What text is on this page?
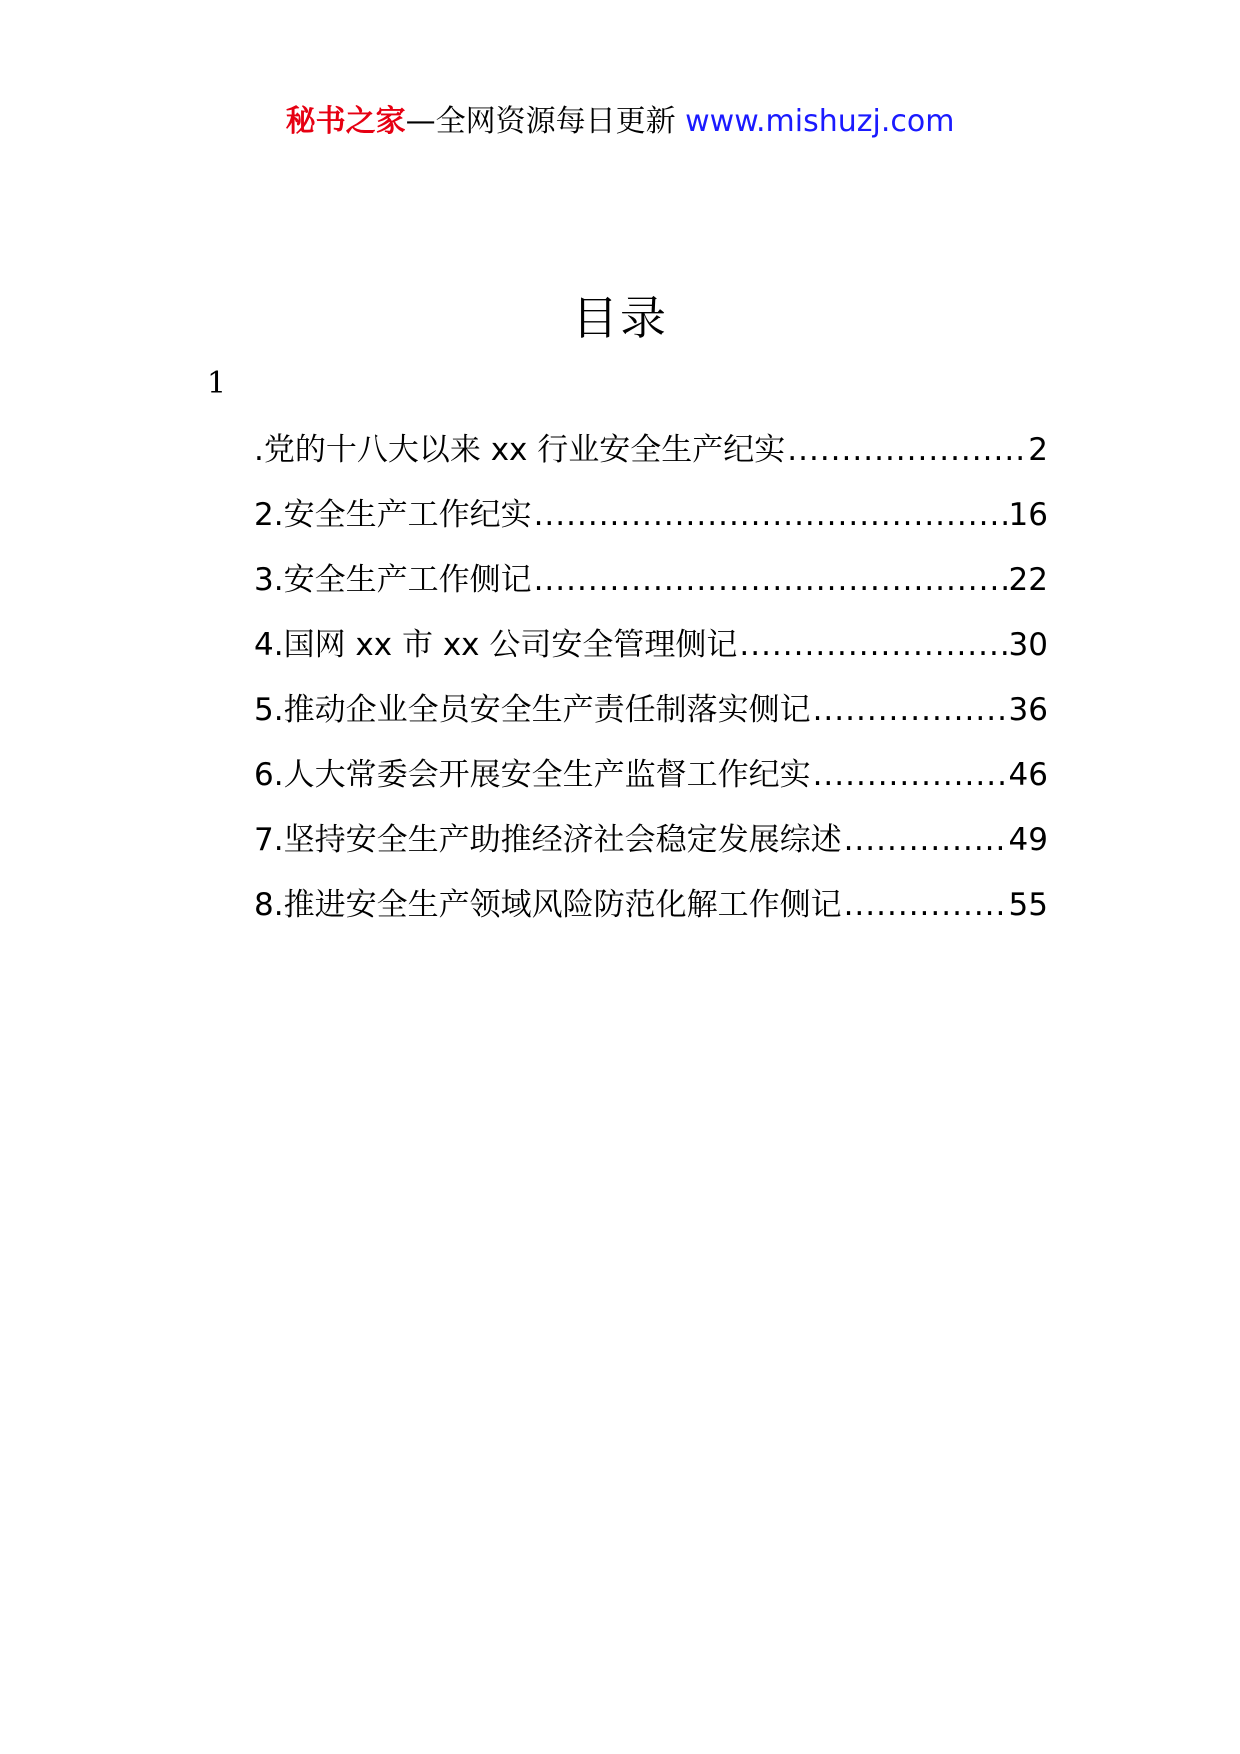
秘书之家—全网资源每日更新 www.mishuzj.com
目录
1
.党的十八大以来 xx 行业安全生产纪实 .....	2
2.安全生产工作纪实 .....	16
3.安全生产工作侧记 .....	22
4.国网 xx 市 xx 公司安全管理侧记 .....	30
5.推动企业全员安全生产责任制落实侧记 .....	36
6.人大常委会开展安全生产监督工作纪实 .....	46
7.坚持安全生产助推经济社会稳定发展综述 .....	49
8.推进安全生产领域风险防范化解工作侧记 .....	55
